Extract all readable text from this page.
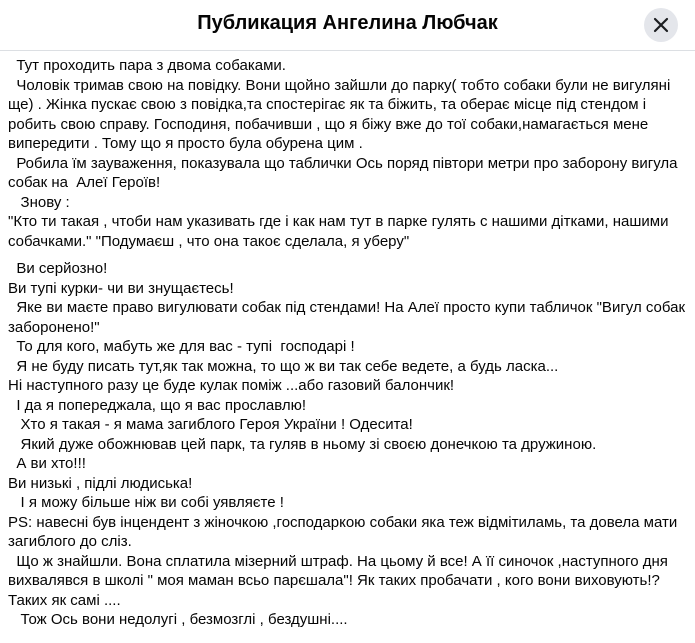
Публикация Ангелина Любчак
Тут проходить пара з двома собаками.
Чоловік тримав свою на повідку. Вони щойно зайшли до парку( тобто собаки були не вигуляні
ще) . Жінка пускає свою з повідка,та спостерігає як та біжить, та оберає місце під стендом і
робить свою справу. Господиня, побачивши , що я біжу вже до тої собаки,намагається мене
випередити . Тому що я просто була обурена цим .
Робила їм зауваження, показувала що таблички Ось поряд півтори метри про заборону вигула
собак на  Алеї Героїв!
Знову :
"Кто ти такая , чтоби нам указивать где і как нам тут в парке гулять с нашими дітками, нашими
собачками." "Подумаєш , что она такоє сделала, я уберу"
Ви серйозно!
Ви тупі курки- чи ви знущаєтесь!
Яке ви маєте право вигулювати собак під стендами! На Алеї просто купи табличок "Вигул собак
заборонено!"
То для кого, мабуть же для вас - тупі  господарі !
Я не буду писать тут,як так можна, то що ж ви так себе ведете, а будь ласка...
Ні наступного разу це буде кулак поміж ...або газовий балончик!
І да я попереджала, що я вас прославлю!
Хто я такая - я мама загиблого Героя України ! Одесита!
Який дуже обожнював цей парк, та гуляв в ньому зі своєю донечкою та дружиною.
А ви хто!!!
Ви низькі , підлі людиська!
І я можу більше ніж ви собі уявляєте !
PS: навесні був інцендент з жіночкою ,господаркою собаки яка теж відмітиламь, та довела мати
загиблого до сліз.
Що ж знайшли. Вона сплатила мізерний штраф. На цьому й все! А її синочок ,наступного дня
вихвалявся в школі " моя маман всьо парєшала"! Як таких пробачати , кого вони виховують!?
Таких як самі ....
Тож Ось вони недолугі , безмозглі , бездушні....
